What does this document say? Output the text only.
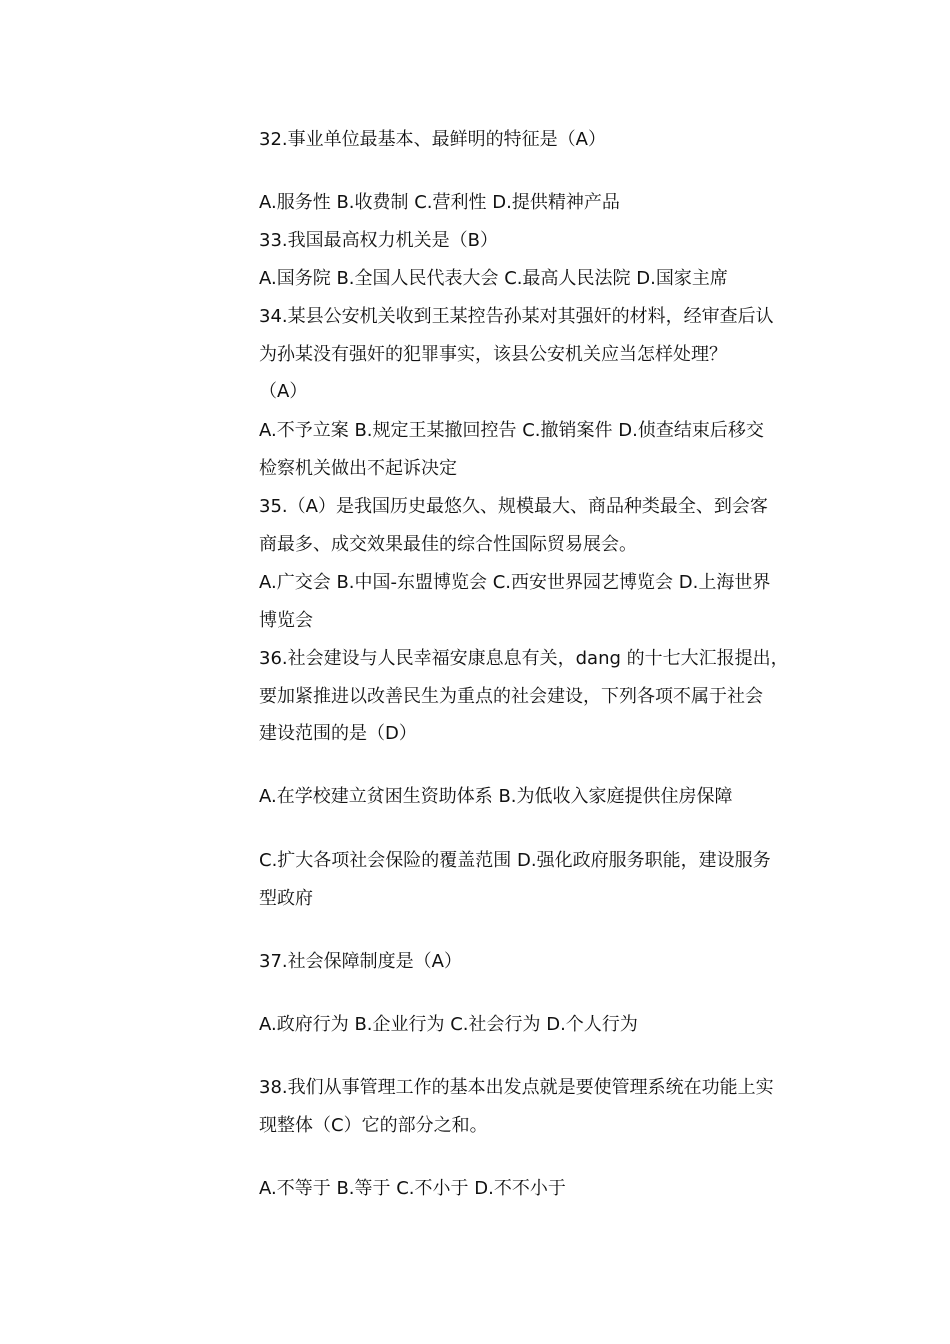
32.事业单位最基本、最鲜明的特征是（A）
A.服务性 B.收费制 C.营利性 D.提供精神产品
33.我国最高权力机关是（B）
A.国务院 B.全国人民代表大会 C.最高人民法院 D.国家主席
34.某县公安机关收到王某控告孙某对其强奸的材料，经审查后认
为孙某没有强奸的犯罪事实，该县公安机关应当怎样处理？
（A）
A.不予立案 B.规定王某撤回控告 C.撤销案件 D.侦查结束后移交
检察机关做出不起诉决定
35.（A）是我国历史最悠久、规模最大、商品种类最全、到会客
商最多、成交效果最佳的综合性国际贸易展会。
A.广交会 B.中国-东盟博览会 C.西安世界园艺博览会 D.上海世界
博览会
36.社会建设与人民幸福安康息息有关，dang 的十七大汇报提出，
要加紧推进以改善民生为重点的社会建设，下列各项不属于社会
建设范围的是（D）
A.在学校建立贫困生资助体系 B.为低收入家庭提供住房保障
C.扩大各项社会保险的覆盖范围 D.强化政府服务职能，建设服务
型政府
37.社会保障制度是（A）
A.政府行为 B.企业行为 C.社会行为 D.个人行为
38.我们从事管理工作的基本出发点就是要使管理系统在功能上实
现整体（C）它的部分之和。
A.不等于 B.等于 C.不小于 D.不不小于
